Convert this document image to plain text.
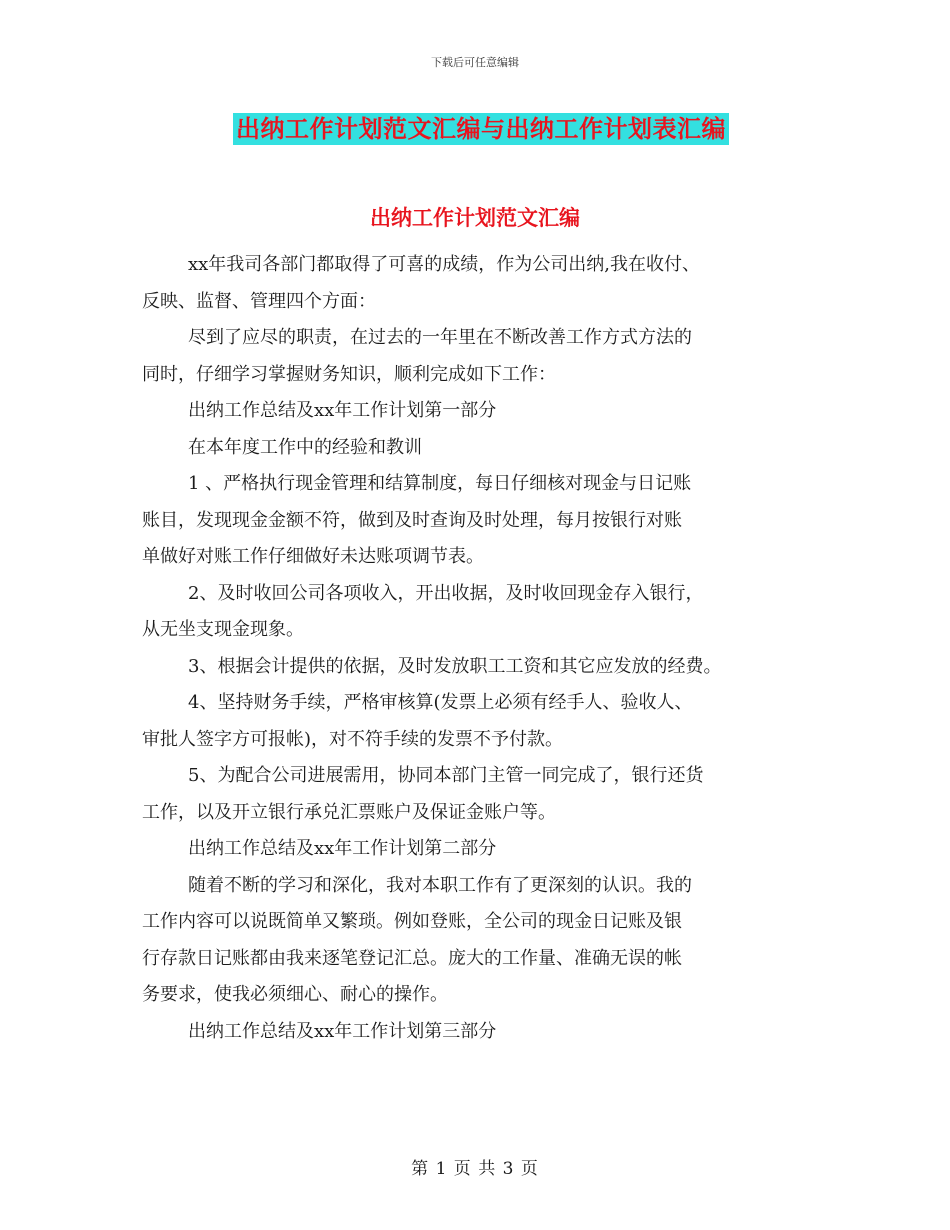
下载后可任意编辑
出纳工作计划范文汇编与出纳工作计划表汇编
出纳工作计划范文汇编

xx年我司各部门都取得了可喜的成绩，作为公司出纳,我在收付、

反映、监督、管理四个方面：

尽到了应尽的职责，在过去的一年里在不断改善工作方式方法的

同时，仔细学习掌握财务知识，顺利完成如下工作：

出纳工作总结及xx年工作计划第一部分

在本年度工作中的经验和教训

1 、严格执行现金管理和结算制度，每日仔细核对现金与日记账

账目，发现现金金额不符，做到及时查询及时处理，每月按银行对账

单做好对账工作仔细做好未达账项调节表。

2、及时收回公司各项收入，开出收据，及时收回现金存入银行，

从无坐支现金现象。

3、根据会计提供的依据，及时发放职工工资和其它应发放的经费。

4、坚持财务手续，严格审核算(发票上必须有经手人、验收人、

审批人签字方可报帐)，对不符手续的发票不予付款。

5、为配合公司进展需用，协同本部门主管一同完成了，银行还货

工作，以及开立银行承兑汇票账户及保证金账户等。

出纳工作总结及xx年工作计划第二部分

随着不断的学习和深化，我对本职工作有了更深刻的认识。我的

工作内容可以说既简单又繁琐。例如登账，全公司的现金日记账及银

行存款日记账都由我来逐笔登记汇总。庞大的工作量、准确无误的帐

务要求，使我必须细心、耐心的操作。

出纳工作总结及xx年工作计划第三部分

第 1 页 共 3 页
